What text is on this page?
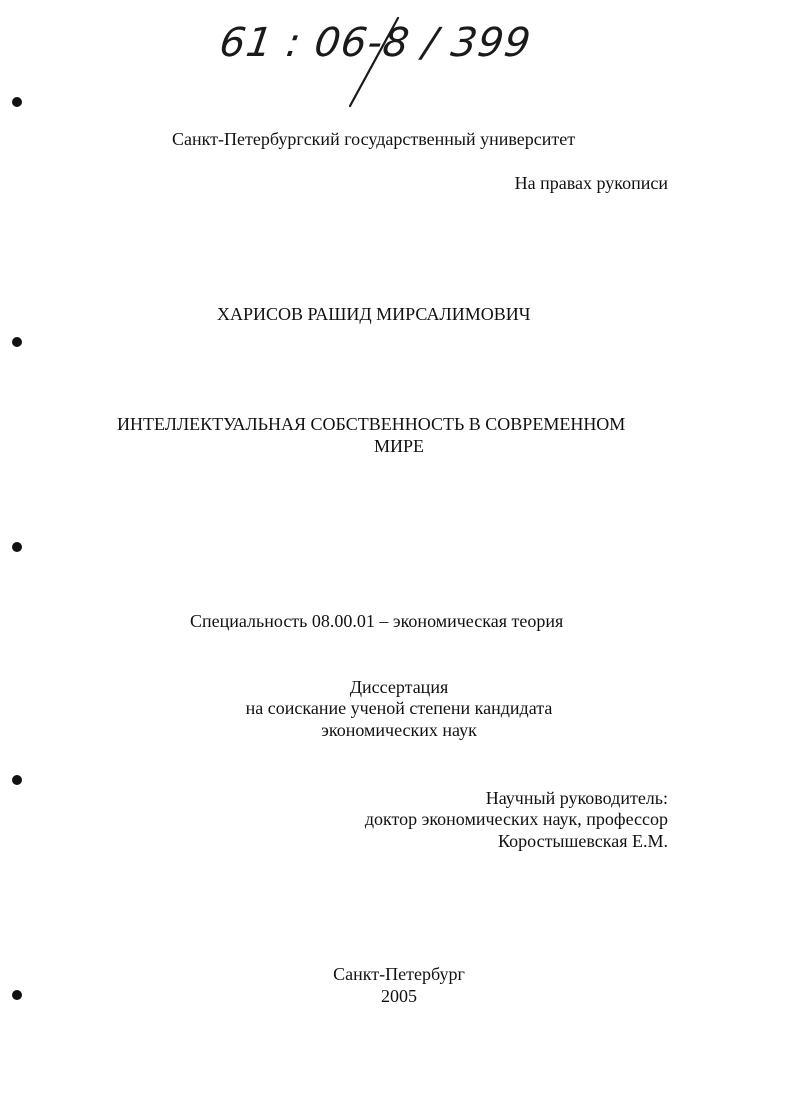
61 : 06-8 / 399
Санкт-Петербургский государственный университет
На правах рукописи
ХАРИСОВ РАШИД МИРСАЛИМОВИЧ
ИНТЕЛЛЕКТУАЛЬНАЯ СОБСТВЕННОСТЬ В СОВРЕМЕННОМ
МИРЕ
Специальность 08.00.01 – экономическая теория
Диссертация
на соискание ученой степени кандидата
экономических наук
Научный руководитель:
доктор экономических наук, профессор
Коростышевская Е.М.
Санкт-Петербург
2005
